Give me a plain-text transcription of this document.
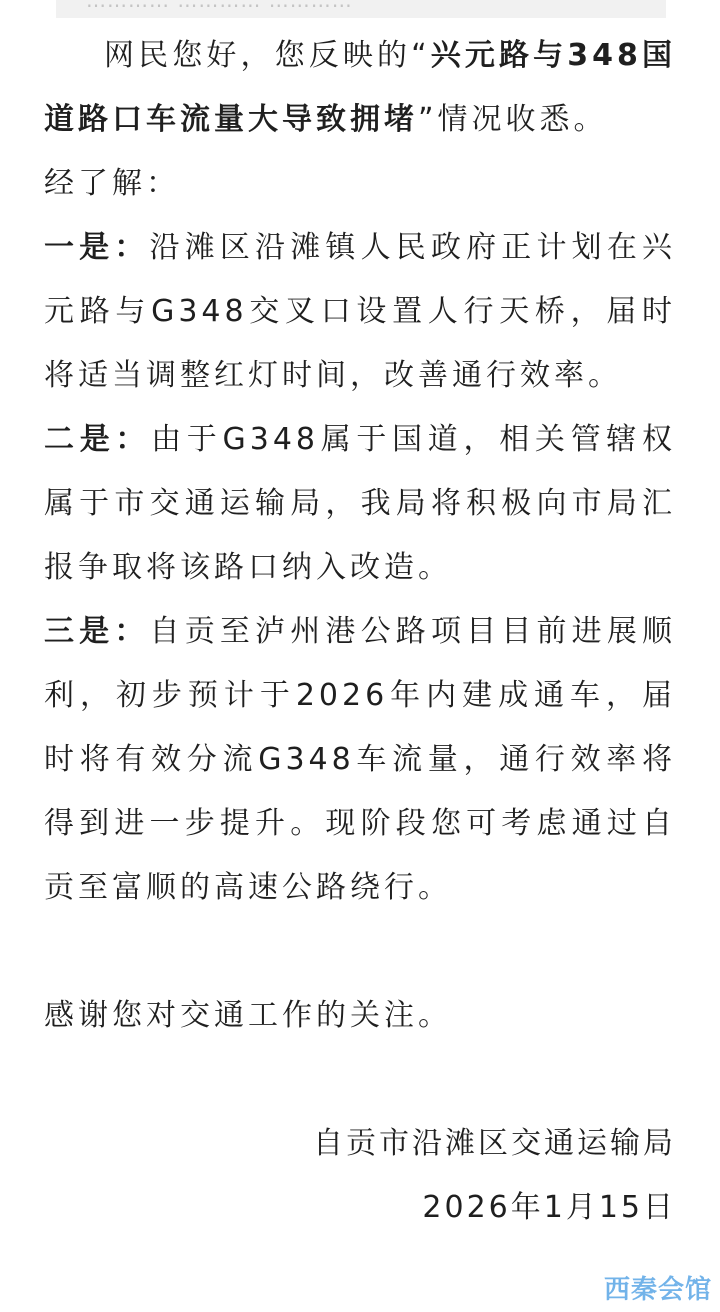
………… ………… …………

网民您好，您反映的“兴元路与348国道路口车流量大导致拥堵”情况收悉。

经了解：

一是：沿滩区沿滩镇人民政府正计划在兴元路与G348交叉口设置人行天桥，届时将适当调整红灯时间，改善通行效率。

二是：由于G348属于国道，相关管辖权属于市交通运输局，我局将积极向市局汇报争取将该路口纳入改造。

三是：自贡至泸州港公路项目目前进展顺利，初步预计于2026年内建成通车，届时将有效分流G348车流量，通行效率将得到进一步提升。现阶段您可考虑通过自贡至富顺的高速公路绕行。

感谢您对交通工作的关注。

自贡市沿滩区交通运输局

2026年1月15日

西秦会馆
